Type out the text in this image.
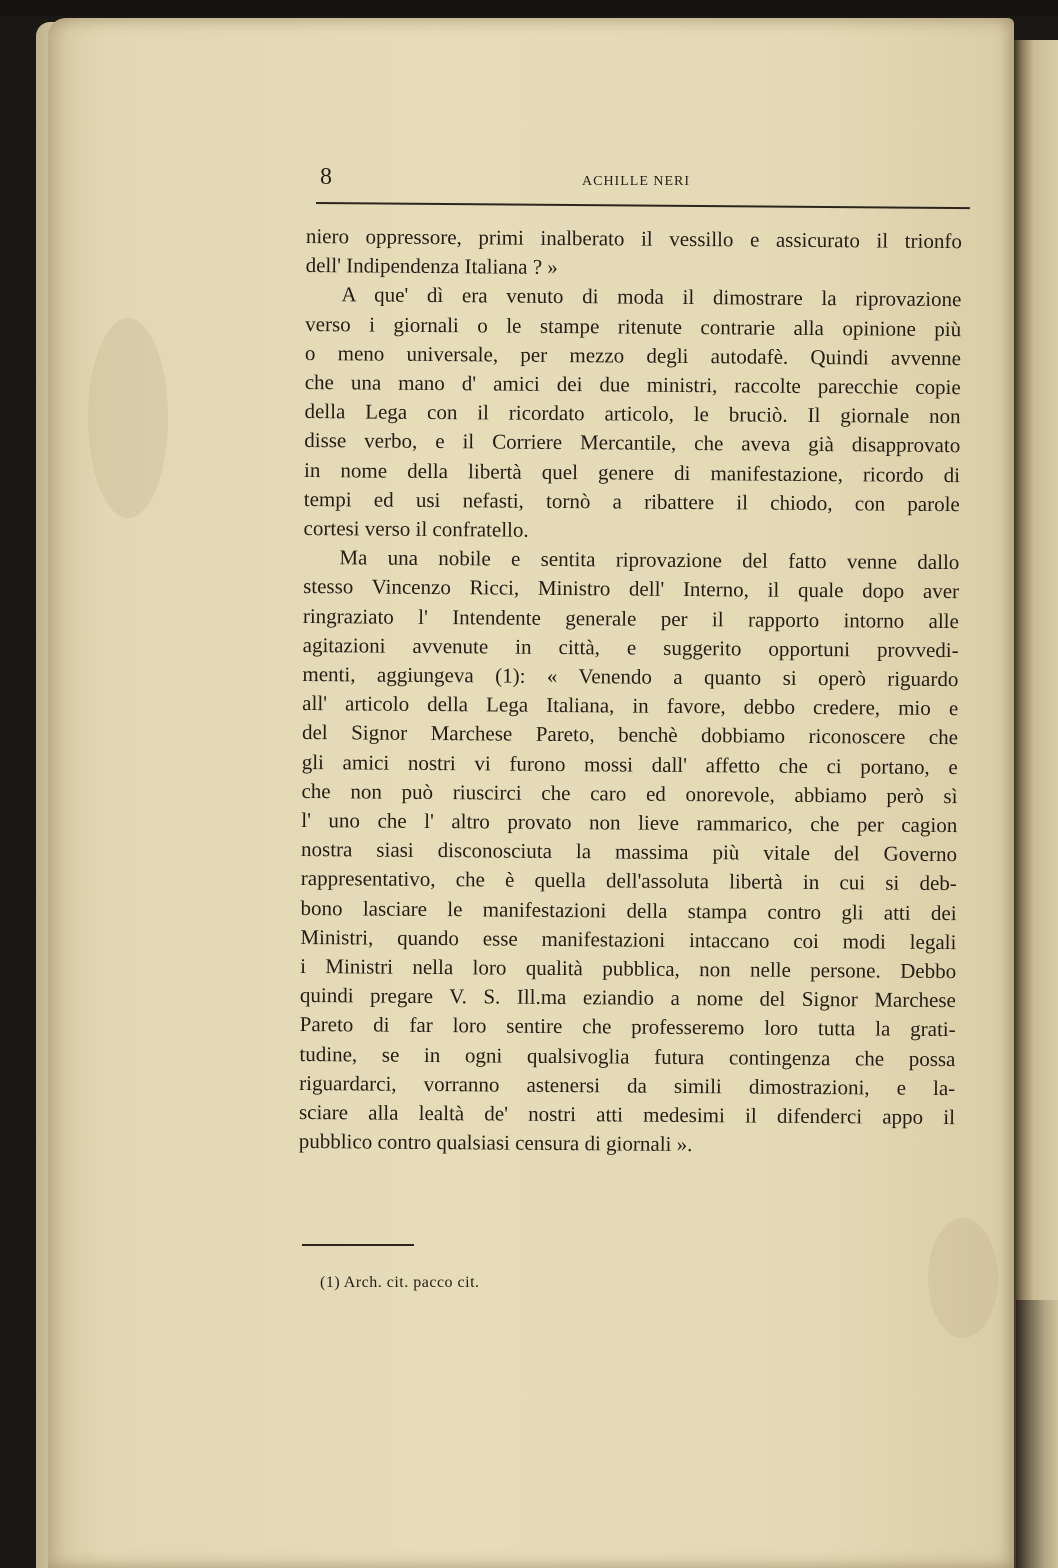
8	ACHILLE NERI
niero oppressore, primi inalberato il vessillo e assicurato il trionfo
dell' Indipendenza Italiana ? »
A que' dì era venuto di moda il dimostrare la riprovazione
verso i giornali o le stampe ritenute contrarie alla opinione più
o meno universale, per mezzo degli autodafè. Quindi avvenne
che una mano d' amici dei due ministri, raccolte parecchie copie
della Lega con il ricordato articolo, le bruciò. Il giornale non
disse verbo, e il Corriere Mercantile, che aveva già disapprovato
in nome della libertà quel genere di manifestazione, ricordo di
tempi ed usi nefasti, tornò a ribattere il chiodo, con parole
cortesi verso il confratello.
Ma una nobile e sentita riprovazione del fatto venne dallo
stesso Vincenzo Ricci, Ministro dell' Interno, il quale dopo aver
ringraziato l' Intendente generale per il rapporto intorno alle
agitazioni avvenute in città, e suggerito opportuni provvedi-
menti, aggiungeva (1): « Venendo a quanto si operò riguardo
all' articolo della Lega Italiana, in favore, debbo credere, mio e
del Signor Marchese Pareto, benchè dobbiamo riconoscere che
gli amici nostri vi furono mossi dall' affetto che ci portano, e
che non può riuscirci che caro ed onorevole, abbiamo però sì
l' uno che l' altro provato non lieve rammarico, che per cagion
nostra siasi disconosciuta la massima più vitale del Governo
rappresentativo, che è quella dell'assoluta libertà in cui si deb-
bono lasciare le manifestazioni della stampa contro gli atti dei
Ministri, quando esse manifestazioni intaccano coi modi legali
i Ministri nella loro qualità pubblica, non nelle persone. Debbo
quindi pregare V. S. Ill.ma eziandio a nome del Signor Marchese
Pareto di far loro sentire che professeremo loro tutta la grati-
tudine, se in ogni qualsivoglia futura contingenza che possa
riguardarci, vorranno astenersi da simili dimostrazioni, e la-
sciare alla lealtà de' nostri atti medesimi il difenderci appo il
pubblico contro qualsiasi censura di giornali ».
(1) Arch. cit. pacco cit.
